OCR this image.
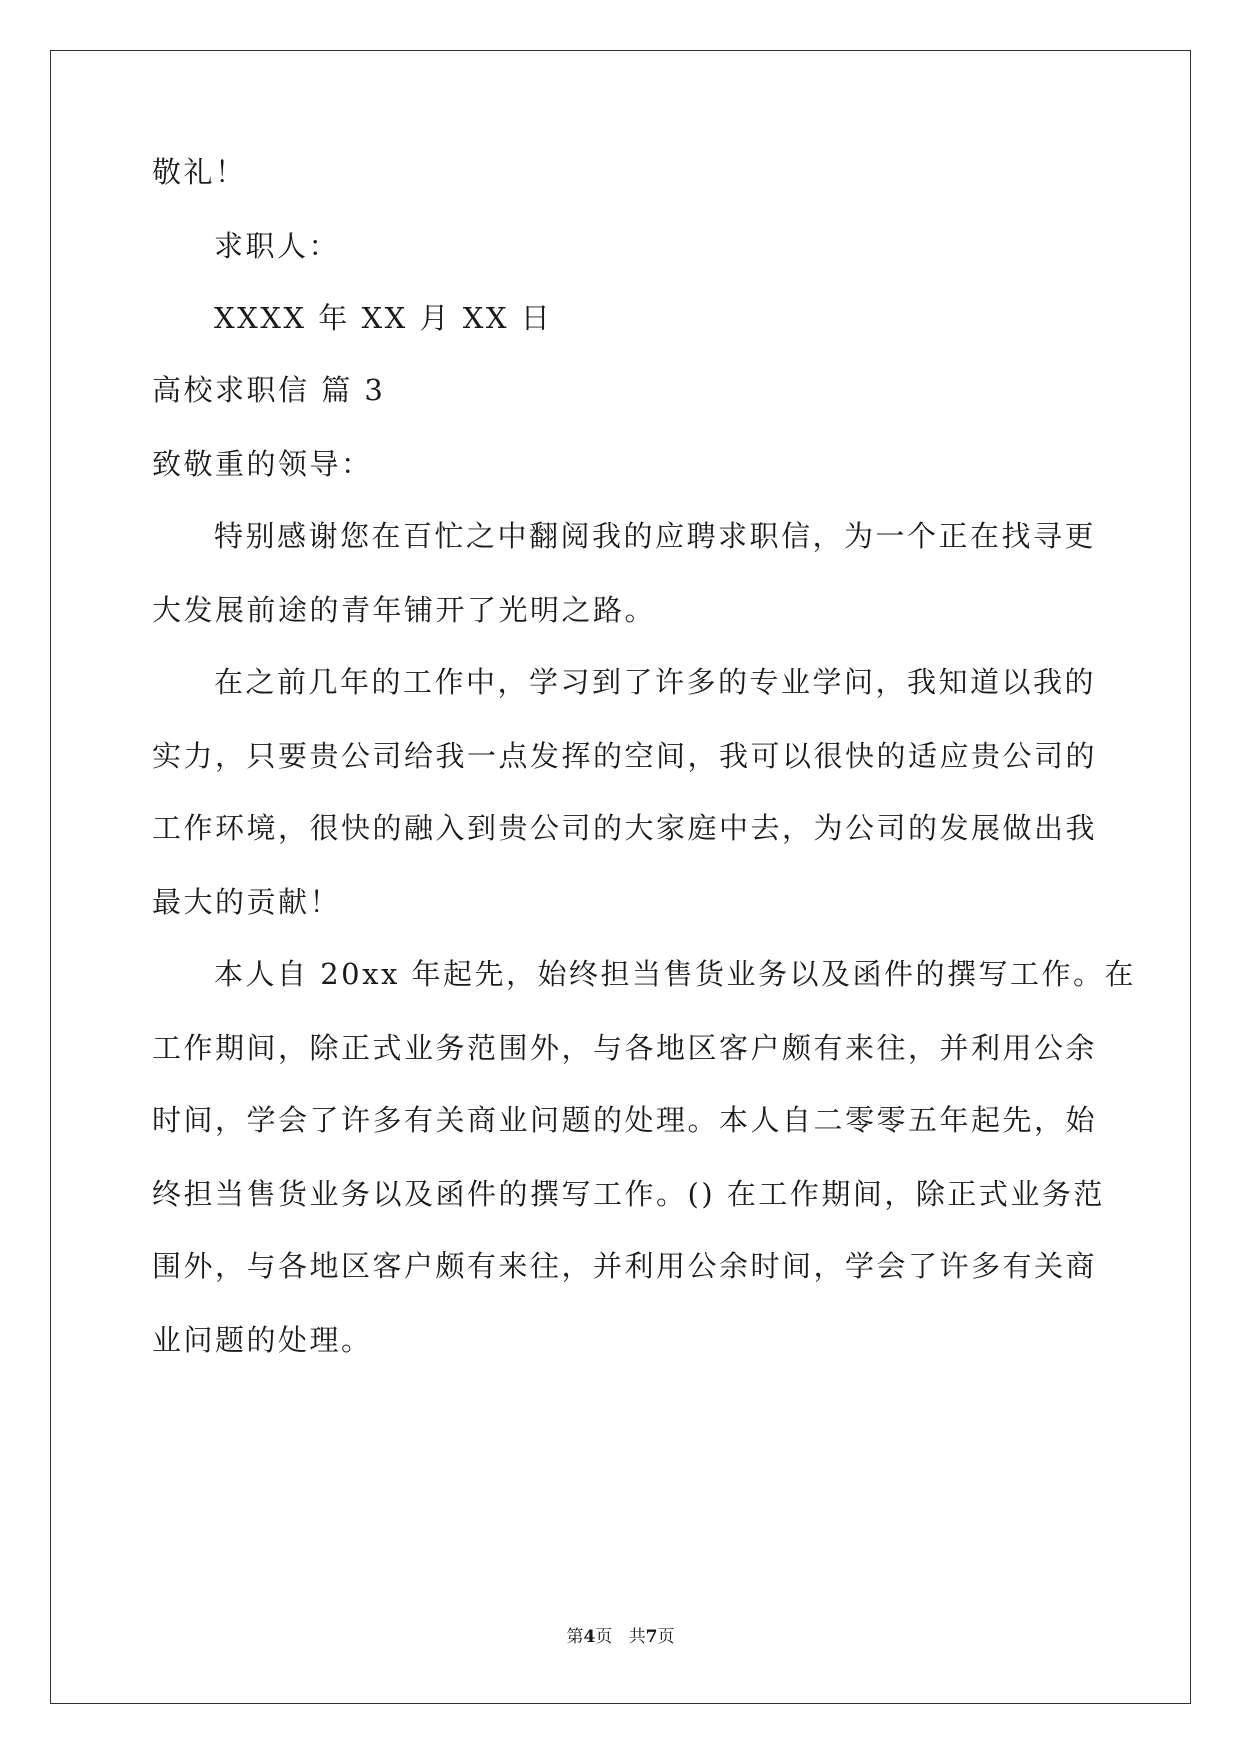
敬礼！
求职人：
XXXX 年 XX 月 XX 日
高校求职信 篇 3
致敬重的领导：
特别感谢您在百忙之中翻阅我的应聘求职信，为一个正在找寻更
大发展前途的青年铺开了光明之路。
在之前几年的工作中，学习到了许多的专业学问，我知道以我的
实力，只要贵公司给我一点发挥的空间，我可以很快的适应贵公司的
工作环境，很快的融入到贵公司的大家庭中去，为公司的发展做出我
最大的贡献！
本人自 20xx 年起先，始终担当售货业务以及函件的撰写工作。在
工作期间，除正式业务范围外，与各地区客户颇有来往，并利用公余
时间，学会了许多有关商业问题的处理。本人自二零零五年起先，始
终担当售货业务以及函件的撰写工作。() 在工作期间，除正式业务范
围外，与各地区客户颇有来往，并利用公余时间，学会了许多有关商
业问题的处理。
第4页 共7页
